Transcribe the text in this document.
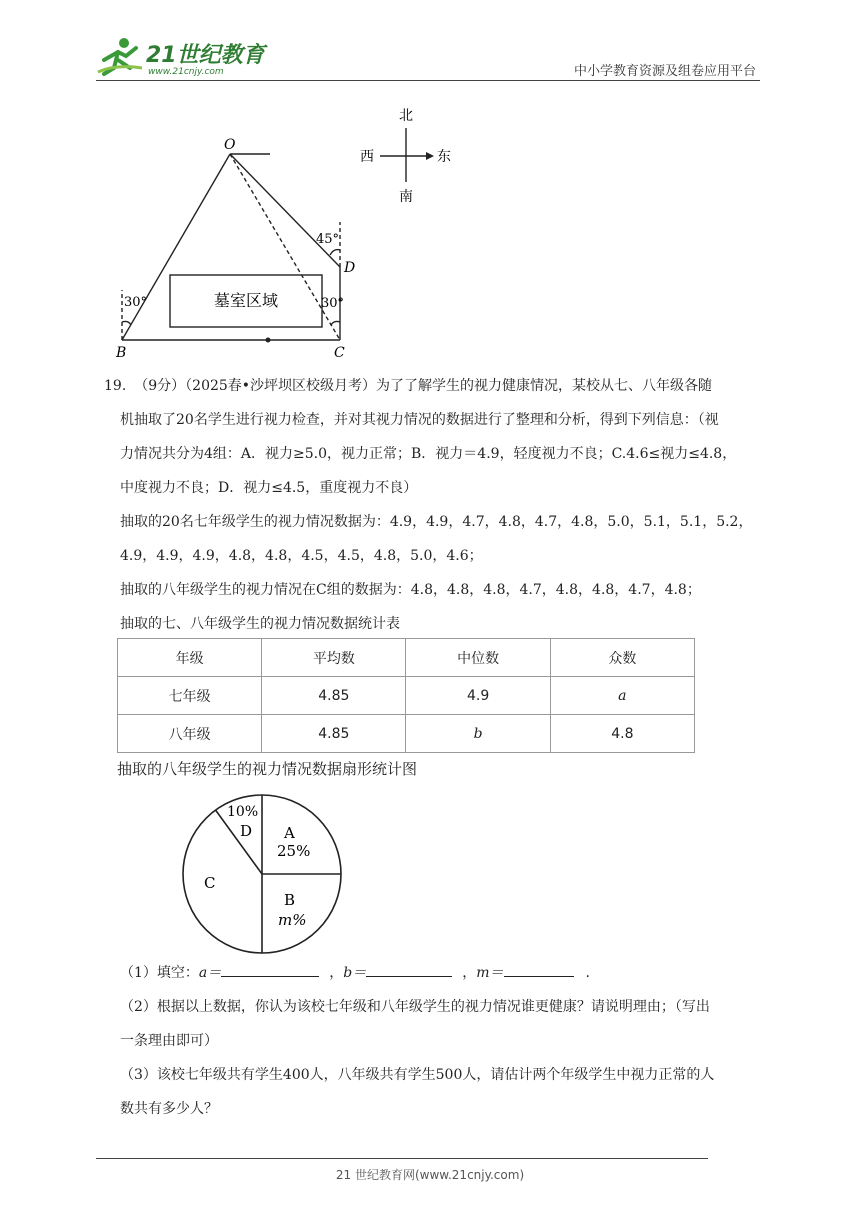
21世纪教育
www.21cnjy.com	中小学教育资源及组卷应用平台
O
B	C
D
30°	30°
45°
墓室区域
北
南
西	东
19. （9分）（2025春•沙坪坝区校级月考）为了了解学生的视力健康情况，某校从七、八年级各随
机抽取了20名学生进行视力检查，并对其视力情况的数据进行了整理和分析，得到下列信息：（视
力情况共分为4组：A．视力≥5.0，视力正常；B．视力＝4.9，轻度视力不良；C.4.6≤视力≤4.8，
中度视力不良；D．视力≤4.5，重度视力不良）
抽取的20名七年级学生的视力情况数据为：4.9，4.9，4.7，4.8，4.7，4.8，5.0，5.1，5.1，5.2，
4.9，4.9，4.9，4.8，4.8，4.5，4.5，4.8，5.0，4.6；
抽取的八年级学生的视力情况在C组的数据为：4.8，4.8，4.8，4.7，4.8，4.8，4.7，4.8；
抽取的七、八年级学生的视力情况数据统计表
年级	平均数	中位数	众数
七年级	4.85	4.9	a
八年级	4.85	b	4.8
抽取的八年级学生的视力情况数据扇形统计图
A
25%
B
m%
C
10%
D
（1）填空：a＝	，b＝	，m＝	.
（2）根据以上数据，你认为该校七年级和八年级学生的视力情况谁更健康？请说明理由；（写出
一条理由即可）
（3）该校七年级共有学生400人，八年级共有学生500人，请估计两个年级学生中视力正常的人
数共有多少人？
21 世纪教育网(www.21cnjy.com)
